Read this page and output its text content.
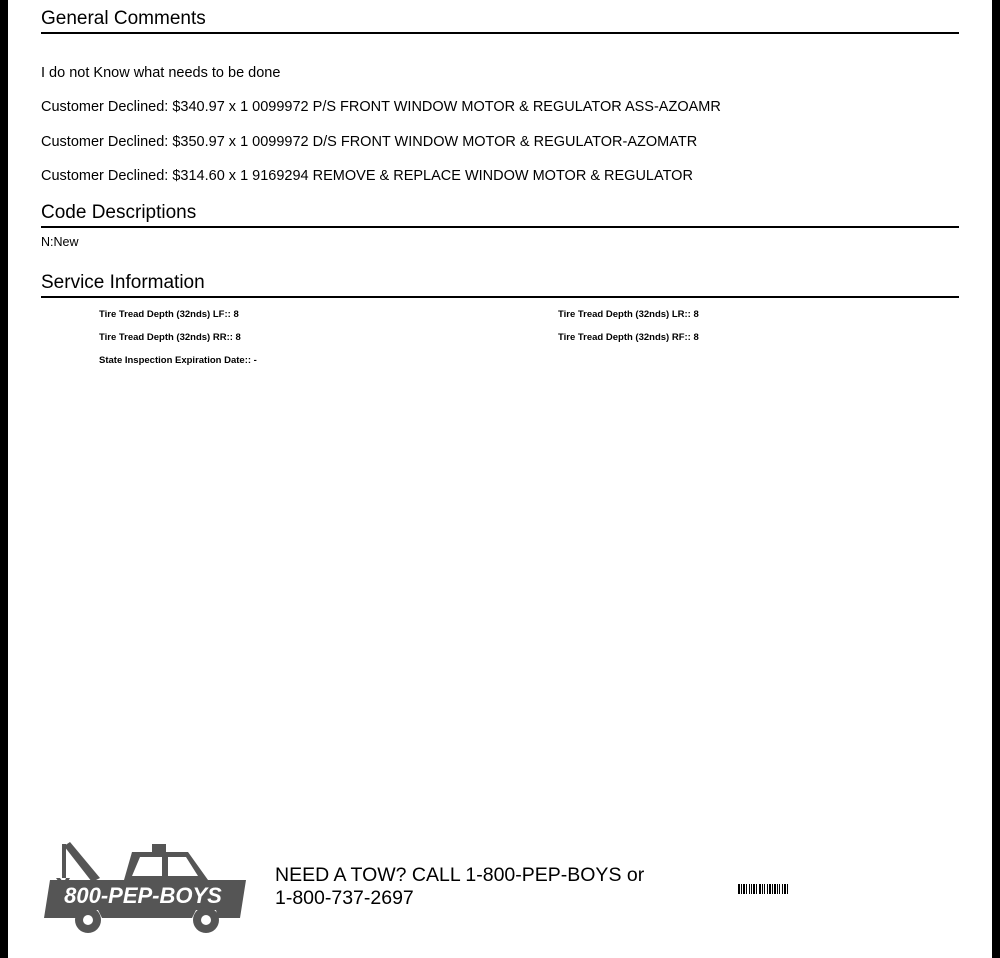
General Comments
I do not Know what needs to be done
Customer Declined: $340.97 x 1 0099972 P/S FRONT WINDOW MOTOR & REGULATOR ASS-AZOAMR
Customer Declined: $350.97 x 1 0099972 D/S FRONT WINDOW MOTOR & REGULATOR-AZOMATR
Customer Declined: $314.60 x 1 9169294 REMOVE & REPLACE WINDOW MOTOR & REGULATOR
Code Descriptions
N:New
Service Information
Tire Tread Depth (32nds) LF:: 8	Tire Tread Depth (32nds) LR:: 8
Tire Tread Depth (32nds) RR:: 8	Tire Tread Depth (32nds) RF:: 8
State Inspection Expiration Date:: -
800-PEP-BOYS
NEED A TOW? CALL 1-800-PEP-BOYS or
1-800-737-2697
